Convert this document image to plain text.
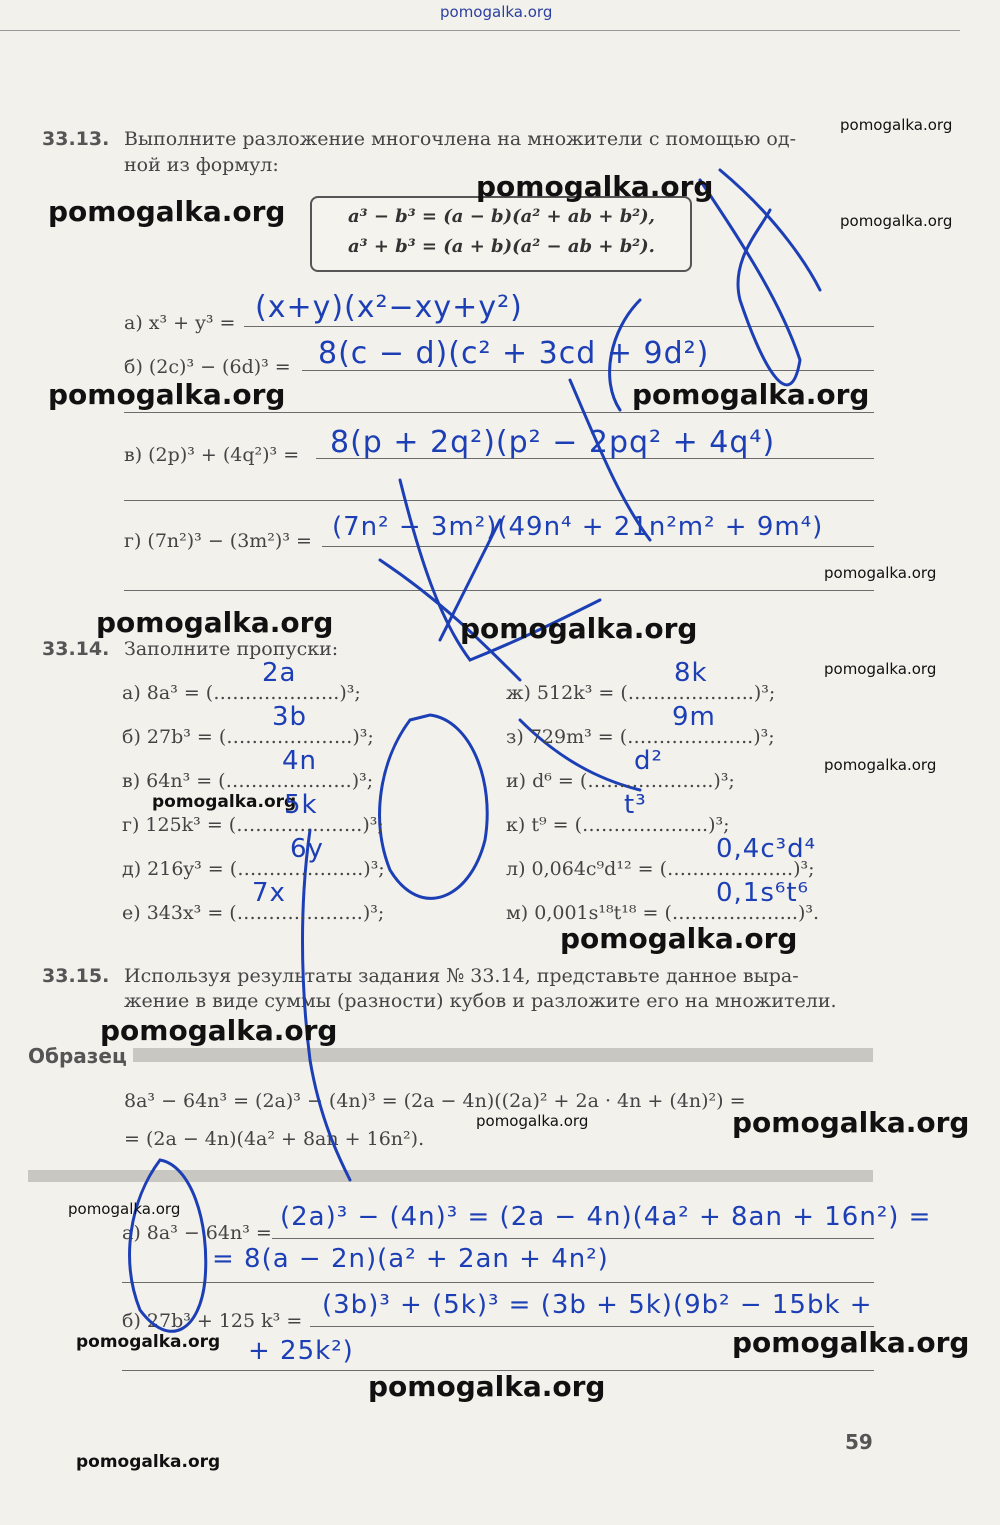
pomogalka.org
33.13. Выполните разложение многочлена на множители с помощью од-
ной из формул:
a³ − b³ = (a − b)(a² + ab + b²),
a³ + b³ = (a + b)(a² − ab + b²).
а) x³ + y³ = (x+y)(x²−xy+y²)
б) (2c)³ − (6d)³ = 8(c − d)(c² + 3cd + 9d²)
в) (2p)³ + (4q²)³ = 8(p + 2q²)(p² − 2pq² + 4q⁴)
г) (7n²)³ − (3m²)³ = (7n² − 3m²)(49n⁴ + 21n²m² + 9m⁴)
33.14. Заполните пропуски:
33.15. Используя результаты задания № 33.14, представьте данное выра-
жение в виде суммы (разности) кубов и разложите его на множители.
Образец
8a³ − 64n³ = (2a)³ − (4n)³ = (2a − 4n)((2a)² + 2a · 4n + (4n)²) =
= (2a − 4n)(4a² + 8an + 16n²).
а) 8a³ − 64n³ =
(2a)³ − (4n)³ = (2a − 4n)(4a² + 8an + 16n²) =
= 8(a − 2n)(a² + 2an + 4n²)
б) 27b³ + 125 k³ =
(3b)³ + (5k)³ = (3b + 5k)(9b² − 15bk +
+ 25k²)
59
pomogalka.org
pomogalka.org
pomogalka.org	pomogalka.org
pomogalka.org	pomogalka.org
pomogalka.org
pomogalka.org	pomogalka.org
pomogalka.org
pomogalka.org
pomogalka.org
pomogalka.org
pomogalka.org
pomogalka.org	pomogalka.org
pomogalka.org
pomogalka.org	pomogalka.org
pomogalka.org
pomogalka.org
а) 8a³ = (………………..)³;
2a
б) 27b³ = (………………..)³;
3b
в) 64n³ = (………………..)³;
4n
г) 125k³ = (………………..)³;
5k
д) 216y³ = (………………..)³;
6y
е) 343x³ = (………………..)³;
7x
ж) 512k³ = (………………..)³;
8k
з) 729m³ = (………………..)³;
9m
и) d⁶ = (………………..)³;
d²
к) t⁹ = (………………..)³;
t³
л) 0,064c⁹d¹² = (………………..)³;
0,4c³d⁴
м) 0,001s¹⁸t¹⁸ = (………………..)³.
0,1s⁶t⁶
